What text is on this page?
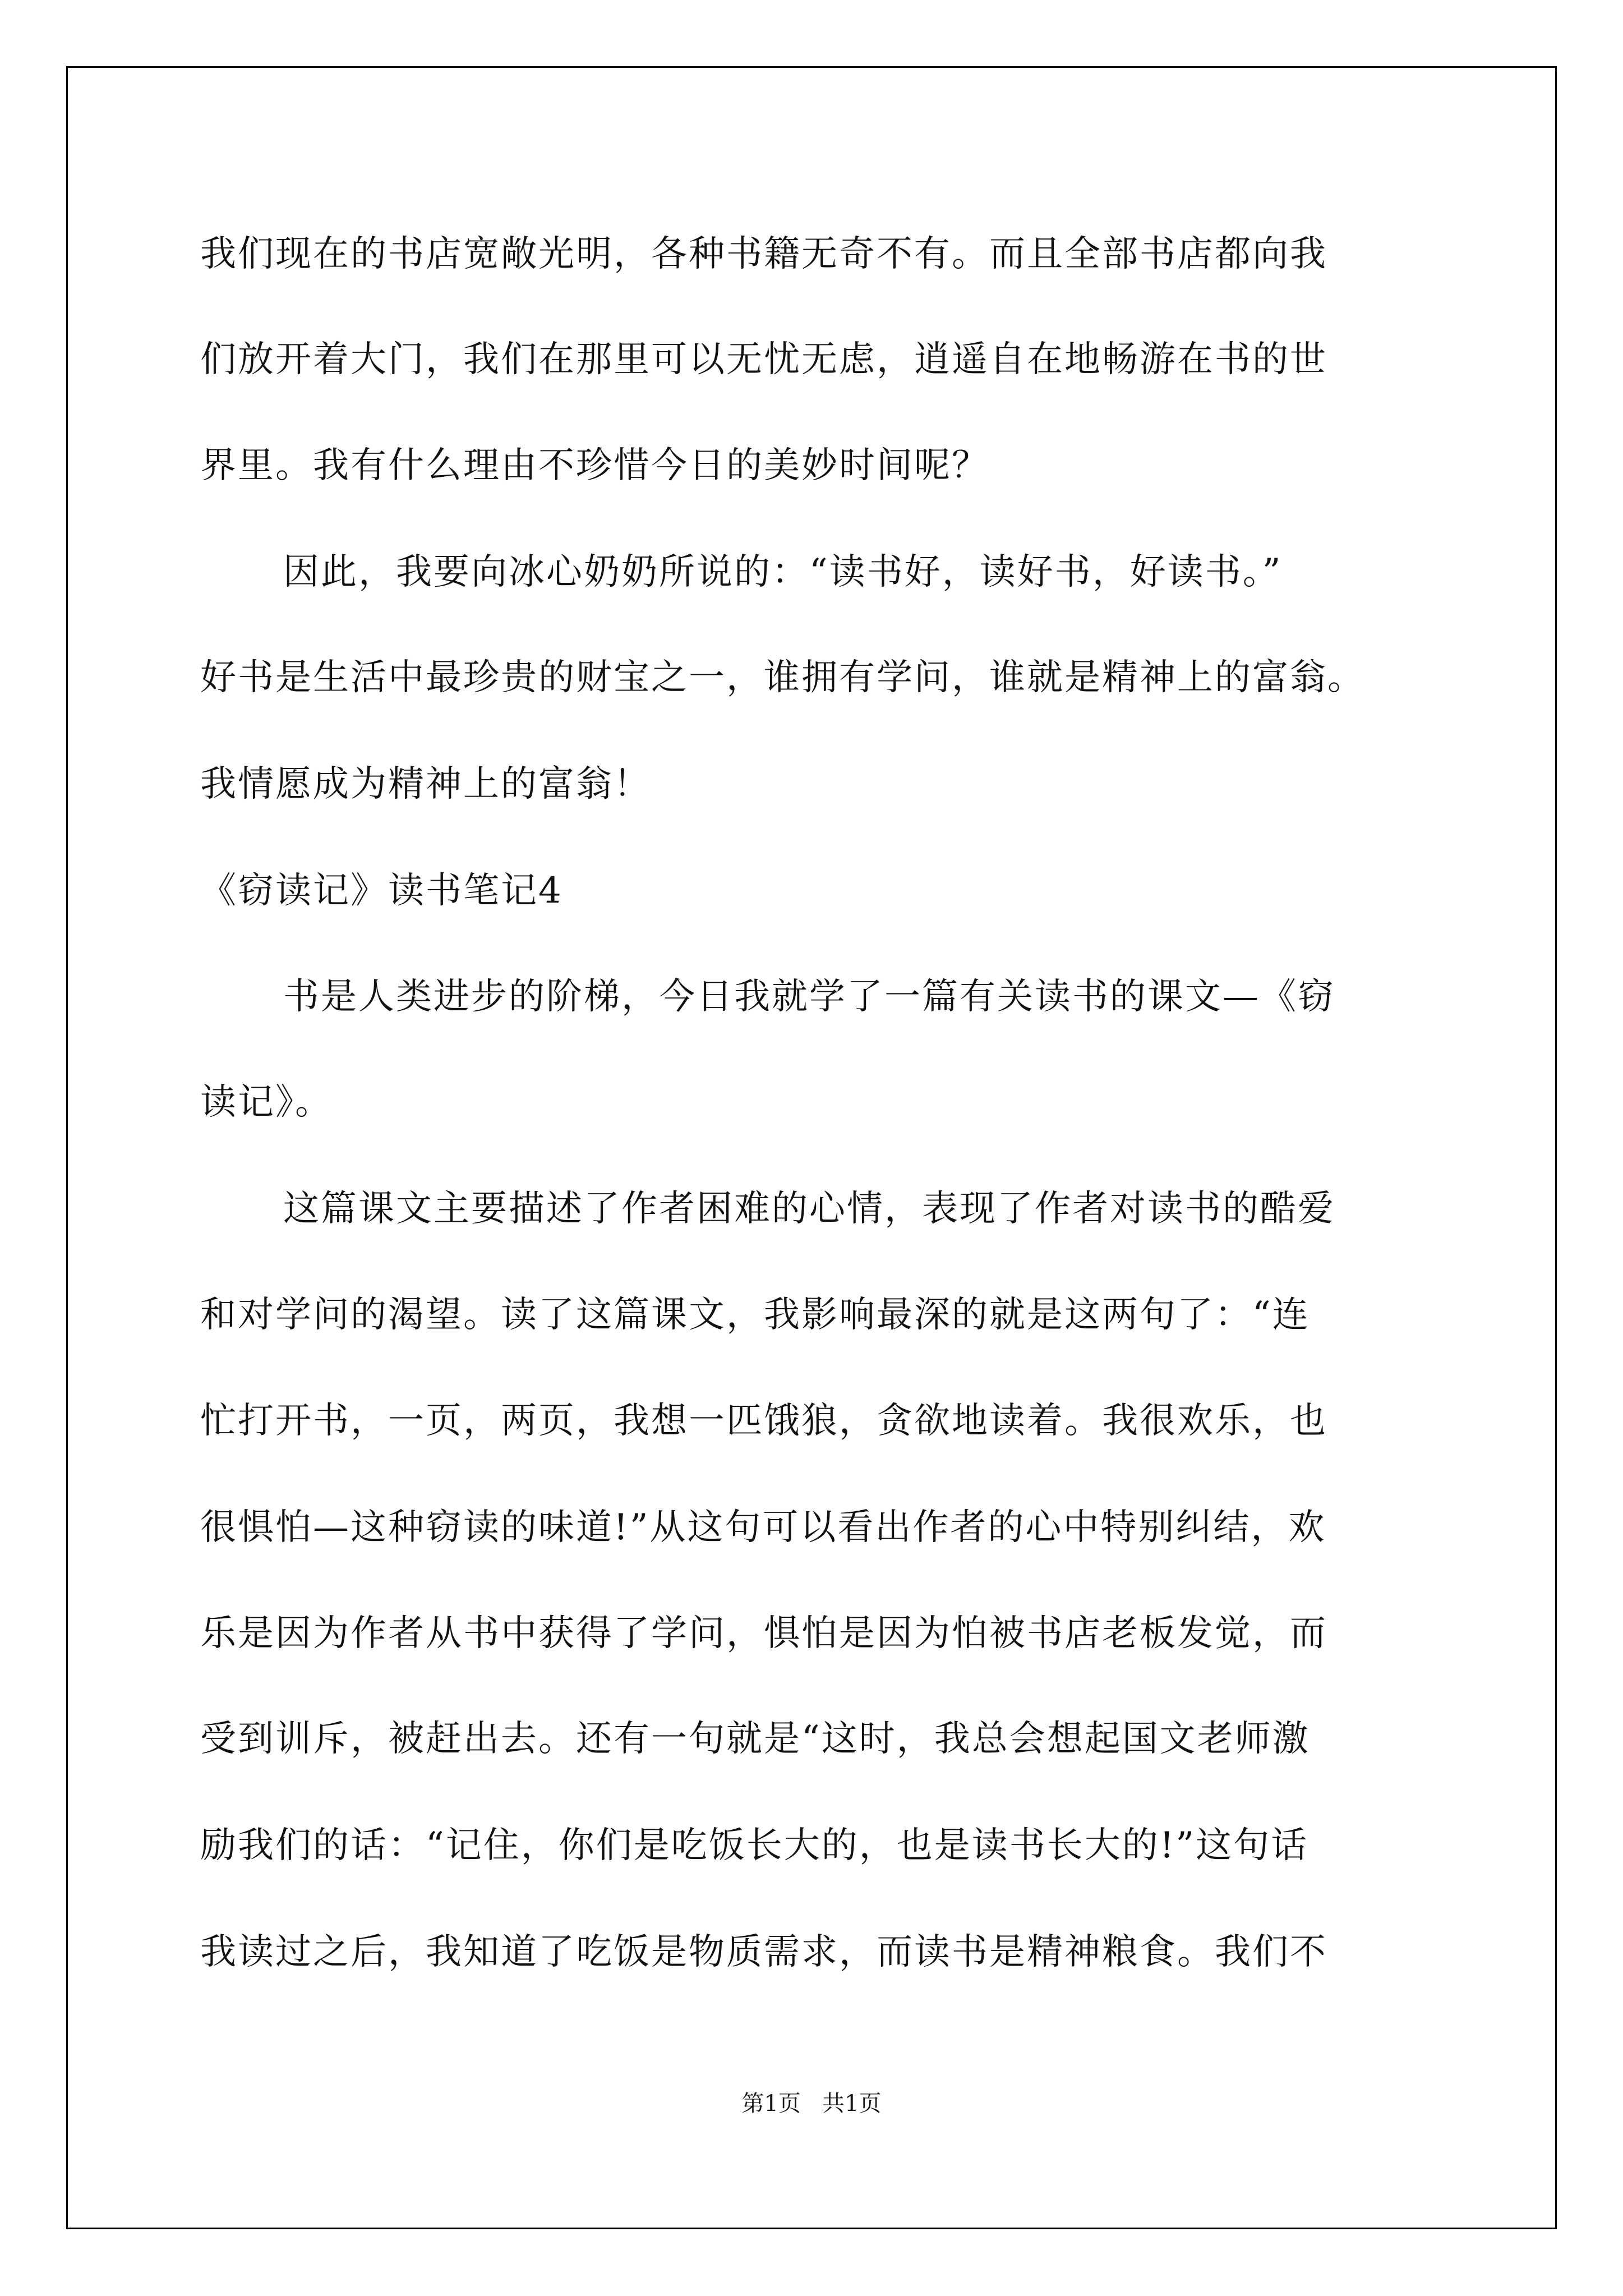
我们现在的书店宽敞光明，各种书籍无奇不有。而且全部书店都向我
们放开着大门，我们在那里可以无忧无虑，逍遥自在地畅游在书的世
界里。我有什么理由不珍惜今日的美妙时间呢？
因此，我要向冰心奶奶所说的：“读书好，读好书，好读书。”
好书是生活中最珍贵的财宝之一，谁拥有学问，谁就是精神上的富翁。
我情愿成为精神上的富翁！
《窃读记》读书笔记4
书是人类进步的阶梯，今日我就学了一篇有关读书的课文—《窃
读记》。
这篇课文主要描述了作者困难的心情，表现了作者对读书的酷爱
和对学问的渴望。读了这篇课文，我影响最深的就是这两句了：“连
忙打开书，一页，两页，我想一匹饿狼，贪欲地读着。我很欢乐，也
很惧怕—这种窃读的味道!”从这句可以看出作者的心中特别纠结，欢
乐是因为作者从书中获得了学问，惧怕是因为怕被书店老板发觉，而
受到训斥，被赶出去。还有一句就是“这时，我总会想起国文老师激
励我们的话：“记住，你们是吃饭长大的，也是读书长大的!”这句话
我读过之后，我知道了吃饭是物质需求，而读书是精神粮食。我们不
第1页   共1页
